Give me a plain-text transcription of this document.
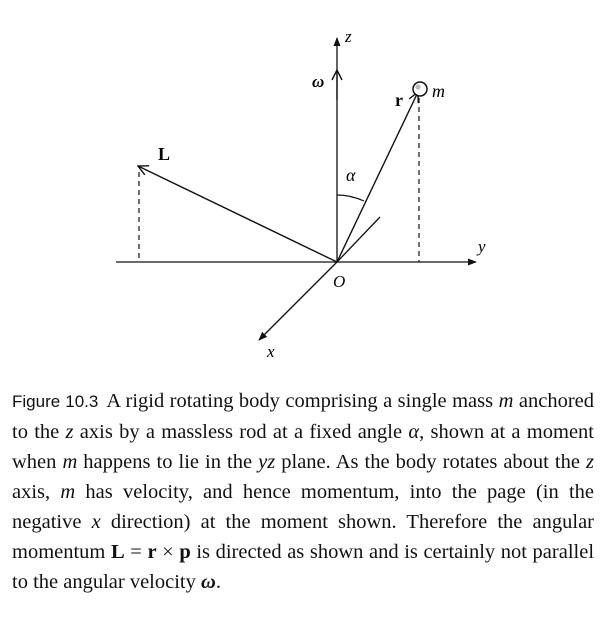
z
y
x
O
ω
r
L
m
α

Figure 10.3 A rigid rotating body comprising a single mass m anchored to the z axis by a massless rod at a fixed angle α, shown at a moment when m happens to lie in the yz plane. As the body rotates about the z axis, m has velocity, and hence momentum, into the page (in the negative x direction) at the moment shown. Therefore the angular momentum L = r × p is directed as shown and is certainly not parallel to the angular velocity ω.
